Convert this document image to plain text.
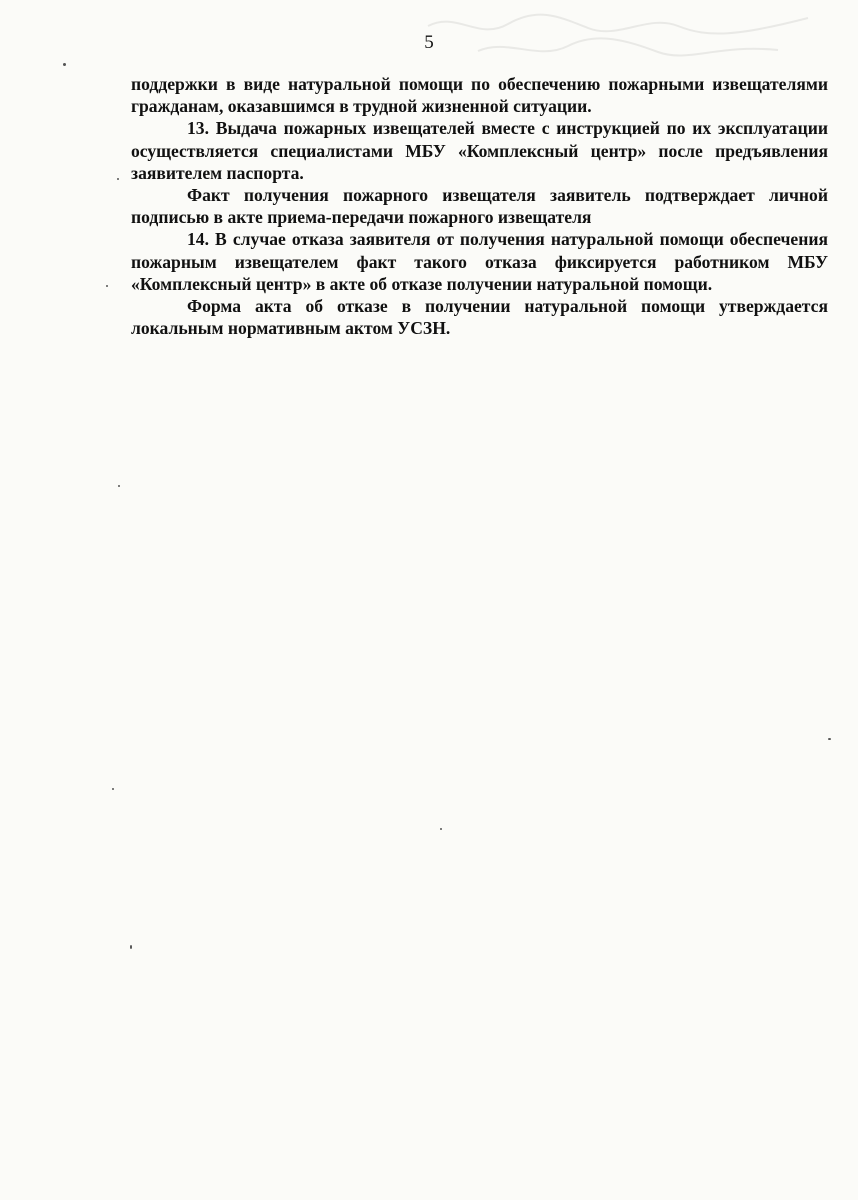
5

поддержки в виде натуральной помощи по обеспечению пожарными извещателями гражданам, оказавшимся в трудной жизненной ситуации.

13. Выдача пожарных извещателей вместе с инструкцией по их эксплуатации осуществляется специалистами МБУ «Комплексный центр» после предъявления заявителем паспорта.

Факт получения пожарного извещателя заявитель подтверждает личной подписью в акте приема-передачи пожарного извещателя

14. В случае отказа заявителя от получения натуральной помощи обеспечения пожарным извещателем факт такого отказа фиксируется работником МБУ «Комплексный центр» в акте об отказе получении натуральной помощи.

Форма акта об отказе в получении натуральной помощи утверждается локальным нормативным актом УСЗН.
